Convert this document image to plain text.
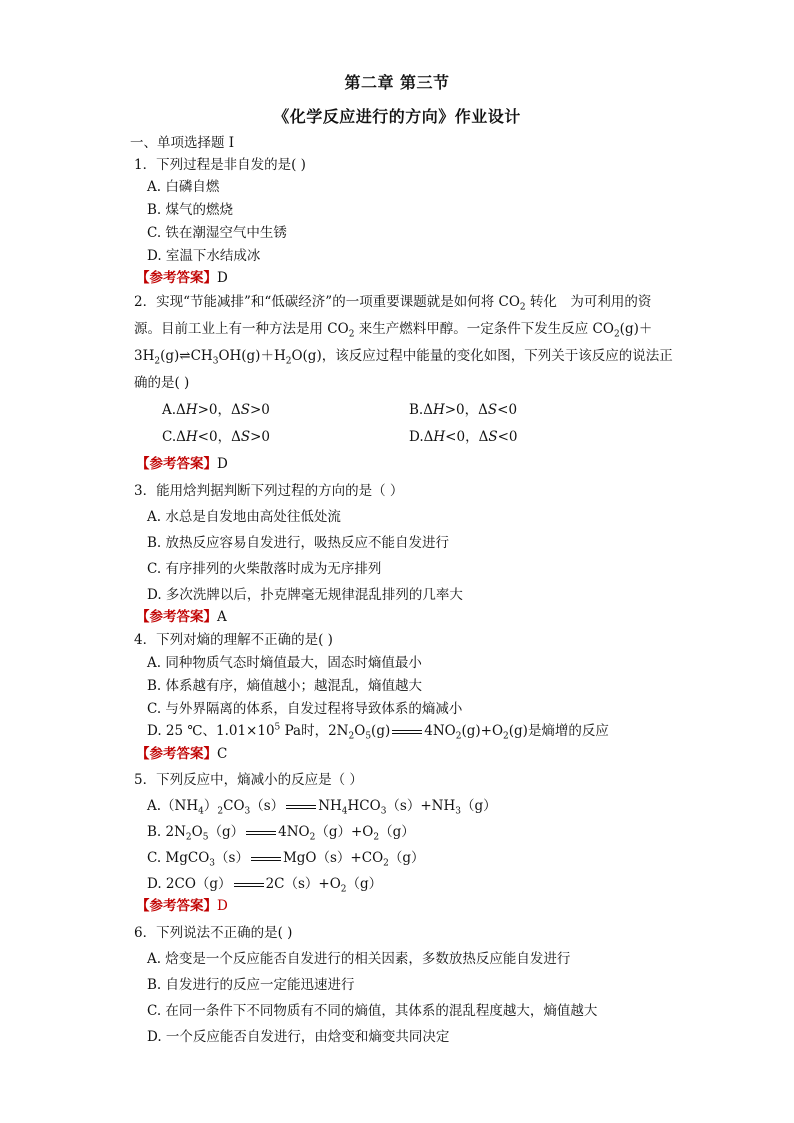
第二章 第三节
《化学反应进行的方向》作业设计
一、单项选择题 I
1．下列过程是非自发的是( )
A. 白磷自燃
B. 煤气的燃烧
C. 铁在潮湿空气中生锈
D. 室温下水结成冰
【参考答案】D
2．实现“节能减排”和“低碳经济”的一项重要课题就是如何将 $CO_2$ 转化　为可利用的资
源。目前工业上有一种方法是用 $CO_2$ 来生产燃料甲醇。一定条件下发生反应 $CO_2(g)+$
$3H_2(g)\rightleftharpoons CH_3OH(g)+H_2O(g)$，该反应过程中能量的变化如图，下列关于该反应的说法正
确的是( )
A.ΔH>0，ΔS>0	B.ΔH>0，ΔS<0
C.ΔH<0，ΔS>0	D.ΔH<0，ΔS<0
【参考答案】D
3．能用焓判据判断下列过程的方向的是（ ）
A. 水总是自发地由高处往低处流
B. 放热反应容易自发进行，吸热反应不能自发进行
C. 有序排列的火柴散落时成为无序排列
D. 多次洗牌以后，扑克牌毫无规律混乱排列的几率大
【参考答案】A
4．下列对熵的理解不正确的是( )
A. 同种物质气态时熵值最大，固态时熵值最小
B. 体系越有序，熵值越小；越混乱，熵值越大
C. 与外界隔离的体系，自发过程将导致体系的熵减小
D. 25 ℃、$1.01\times 10^5$ Pa时，$2N_2O_5(g)$	$4NO_2(g)+O_2(g)$是熵增的反应
【参考答案】C
5．下列反应中，熵减小的反应是（ ）
$A.(NH_4)_2CO_3(s)$	$NH_4HCO_3(s)+NH_3(g)$
B. $2N_2O_5(g)$	$4NO_2(g)+O_2(g)$
C. MgCO$_3$（s）	$MgO(s)+CO_2(g)$
D. 2CO（g）	$2C(s)+O_2(g)$
【参考答案】D
6．下列说法不正确的是( )
A. 焓变是一个反应能否自发进行的相关因素，多数放热反应能自发进行
B. 自发进行的反应一定能迅速进行
C. 在同一条件下不同物质有不同的熵值，其体系的混乱程度越大，熵值越大
D. 一个反应能否自发进行，由焓变和熵变共同决定
